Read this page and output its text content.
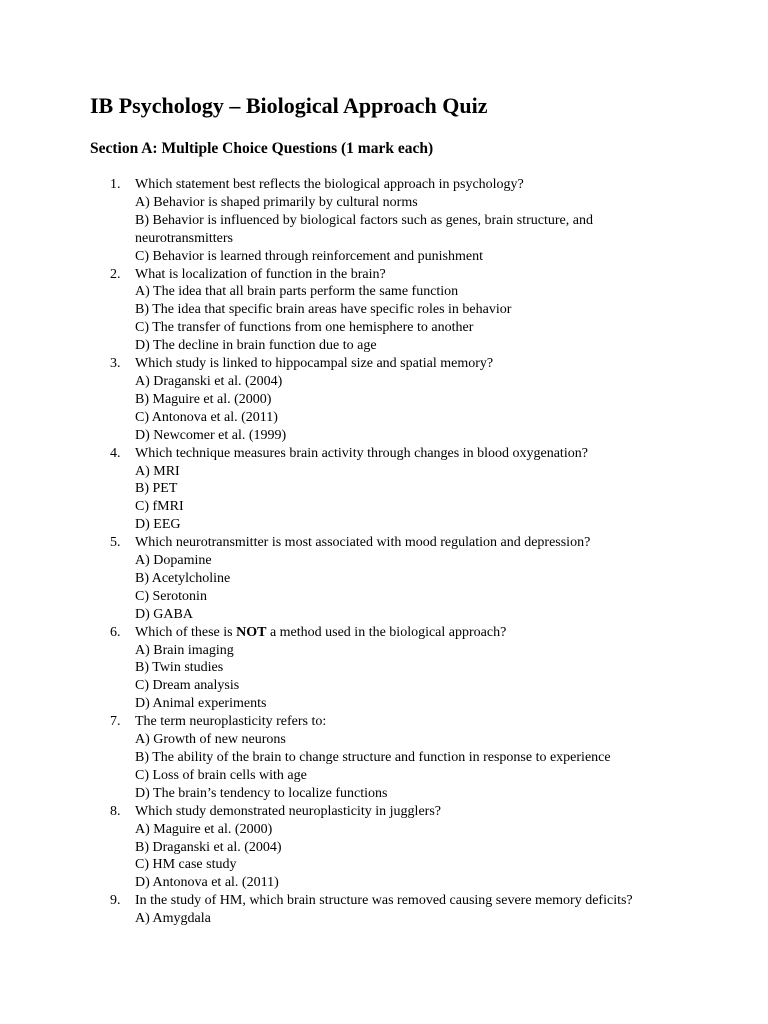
IB Psychology – Biological Approach Quiz
Section A: Multiple Choice Questions (1 mark each)
1.	Which statement best reflects the biological approach in psychology?
A) Behavior is shaped primarily by cultural norms
B) Behavior is influenced by biological factors such as genes, brain structure, and neurotransmitters
C) Behavior is learned through reinforcement and punishment
2.	What is localization of function in the brain?
A) The idea that all brain parts perform the same function
B) The idea that specific brain areas have specific roles in behavior
C) The transfer of functions from one hemisphere to another
D) The decline in brain function due to age
3.	Which study is linked to hippocampal size and spatial memory?
A) Draganski et al. (2004)
B) Maguire et al. (2000)
C) Antonova et al. (2011)
D) Newcomer et al. (1999)
4.	Which technique measures brain activity through changes in blood oxygenation?
A) MRI
B) PET
C) fMRI
D) EEG
5.	Which neurotransmitter is most associated with mood regulation and depression?
A) Dopamine
B) Acetylcholine
C) Serotonin
D) GABA
6.	Which of these is NOT a method used in the biological approach?
A) Brain imaging
B) Twin studies
C) Dream analysis
D) Animal experiments
7.	The term neuroplasticity refers to:
A) Growth of new neurons
B) The ability of the brain to change structure and function in response to experience
C) Loss of brain cells with age
D) The brain’s tendency to localize functions
8.	Which study demonstrated neuroplasticity in jugglers?
A) Maguire et al. (2000)
B) Draganski et al. (2004)
C) HM case study
D) Antonova et al. (2011)
9.	In the study of HM, which brain structure was removed causing severe memory deficits?
A) Amygdala
